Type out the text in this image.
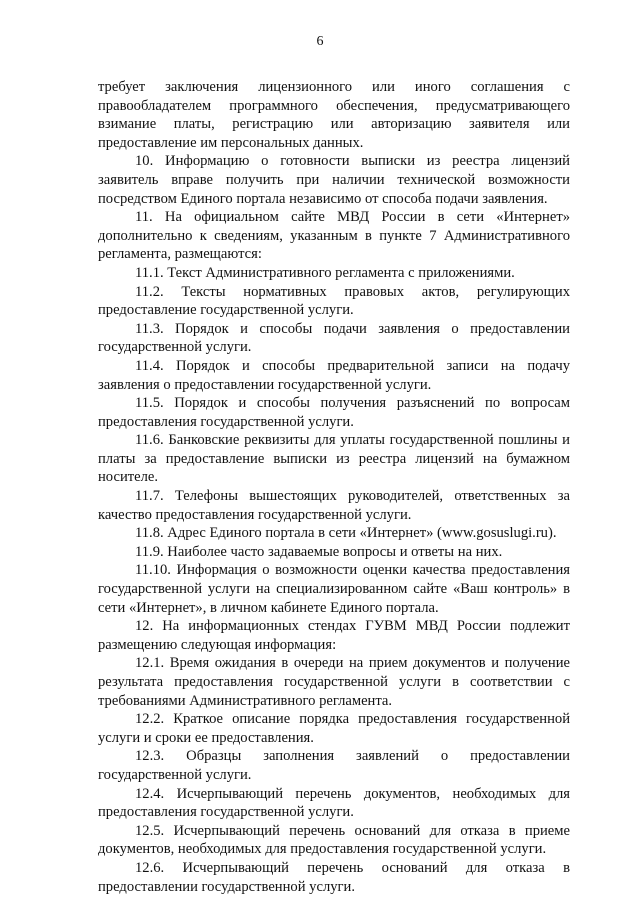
6

требует заключения лицензионного или иного соглашения с правообладателем программного обеспечения, предусматривающего взимание платы, регистрацию или авторизацию заявителя или предоставление им персональных данных.

10. Информацию о готовности выписки из реестра лицензий заявитель вправе получить при наличии технической возможности посредством Единого портала независимо от способа подачи заявления.

11. На официальном сайте МВД России в сети «Интернет» дополнительно к сведениям, указанным в пункте 7 Административного регламента, размещаются:

11.1. Текст Административного регламента с приложениями.

11.2. Тексты нормативных правовых актов, регулирующих предоставление государственной услуги.

11.3. Порядок и способы подачи заявления о предоставлении государственной услуги.

11.4. Порядок и способы предварительной записи на подачу заявления о предоставлении государственной услуги.

11.5. Порядок и способы получения разъяснений по вопросам предоставления государственной услуги.

11.6. Банковские реквизиты для уплаты государственной пошлины и платы за предоставление выписки из реестра лицензий на бумажном носителе.

11.7. Телефоны вышестоящих руководителей, ответственных за качество предоставления государственной услуги.

11.8. Адрес Единого портала в сети «Интернет» (www.gosuslugi.ru).

11.9. Наиболее часто задаваемые вопросы и ответы на них.

11.10. Информация о возможности оценки качества предоставления государственной услуги на специализированном сайте «Ваш контроль» в сети «Интернет», в личном кабинете Единого портала.

12. На информационных стендах ГУВМ МВД России подлежит размещению следующая информация:

12.1. Время ожидания в очереди на прием документов и получение результата предоставления государственной услуги в соответствии с требованиями Административного регламента.

12.2. Краткое описание порядка предоставления государственной услуги и сроки ее предоставления.

12.3. Образцы заполнения заявлений о предоставлении государственной услуги.

12.4. Исчерпывающий перечень документов, необходимых для предоставления государственной услуги.

12.5. Исчерпывающий перечень оснований для отказа в приеме документов, необходимых для предоставления государственной услуги.

12.6. Исчерпывающий перечень оснований для отказа в предоставлении государственной услуги.
